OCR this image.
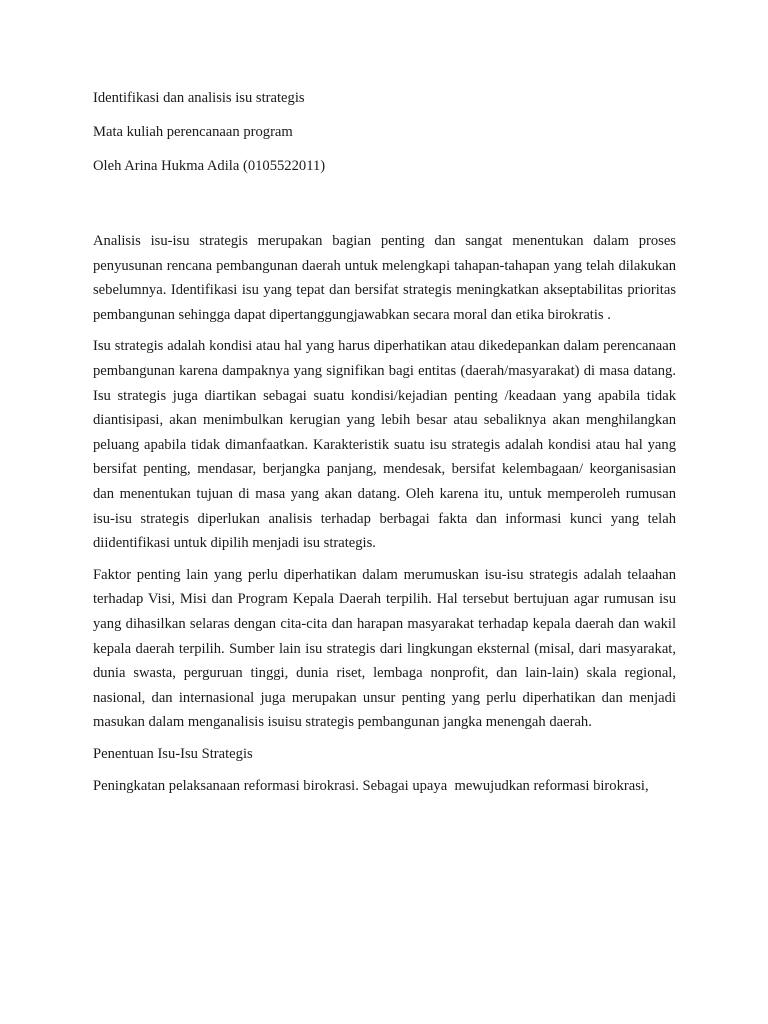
Identifikasi dan analisis isu strategis

Mata kuliah perencanaan program

Oleh Arina Hukma Adila (0105522011)

Analisis isu-isu strategis merupakan bagian penting dan sangat menentukan dalam proses penyusunan rencana pembangunan daerah untuk melengkapi tahapan-tahapan yang telah dilakukan sebelumnya. Identifikasi isu yang tepat dan bersifat strategis meningkatkan akseptabilitas prioritas pembangunan sehingga dapat dipertanggungjawabkan secara moral dan etika birokratis .

Isu strategis adalah kondisi atau hal yang harus diperhatikan atau dikedepankan dalam perencanaan pembangunan karena dampaknya yang signifikan bagi entitas (daerah/masyarakat) di masa datang. Isu strategis juga diartikan sebagai suatu kondisi/kejadian penting /keadaan yang apabila tidak diantisipasi, akan menimbulkan kerugian yang lebih besar atau sebaliknya akan menghilangkan peluang apabila tidak dimanfaatkan. Karakteristik suatu isu strategis adalah kondisi atau hal yang bersifat penting, mendasar, berjangka panjang, mendesak, bersifat kelembagaan/ keorganisasian dan menentukan tujuan di masa yang akan datang. Oleh karena itu, untuk memperoleh rumusan isu-isu strategis diperlukan analisis terhadap berbagai fakta dan informasi kunci yang telah diidentifikasi untuk dipilih menjadi isu strategis.

Faktor penting lain yang perlu diperhatikan dalam merumuskan isu-isu strategis adalah telaahan terhadap Visi, Misi dan Program Kepala Daerah terpilih. Hal tersebut bertujuan agar rumusan isu yang dihasilkan selaras dengan cita-cita dan harapan masyarakat terhadap kepala daerah dan wakil kepala daerah terpilih. Sumber lain isu strategis dari lingkungan eksternal (misal, dari masyarakat, dunia swasta, perguruan tinggi, dunia riset, lembaga nonprofit, dan lain-lain) skala regional, nasional, dan internasional juga merupakan unsur penting yang perlu diperhatikan dan menjadi masukan dalam menganalisis isuisu strategis pembangunan jangka menengah daerah.

Penentuan Isu-Isu Strategis

Peningkatan pelaksanaan reformasi birokrasi. Sebagai upaya  mewujudkan reformasi birokrasi,
